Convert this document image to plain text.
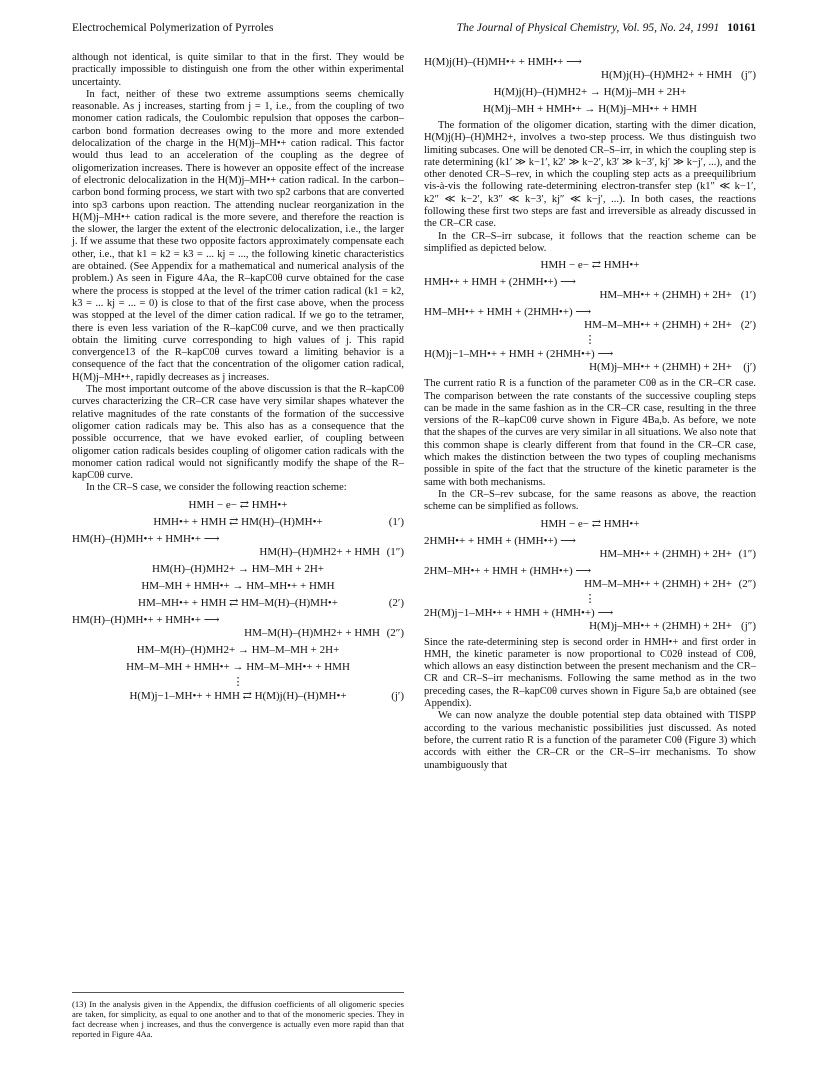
Electrochemical Polymerization of Pyrroles	The Journal of Physical Chemistry, Vol. 95, No. 24, 1991 10161

although not identical, is quite similar to that in the first. They would be practically impossible to distinguish one from the other within experimental uncertainty.

In fact, neither of these two extreme assumptions seems chemically reasonable. As j increases, starting from j = 1, i.e., from the coupling of two monomer cation radicals, the Coulombic repulsion that opposes the carbon–carbon bond formation decreases owing to the more and more extended delocalization of the charge in the H(M)j–MH•+ cation radical. This factor would thus lead to an acceleration of the coupling as the degree of oligomerization increases. There is however an opposite effect of the increase of electronic delocalization in the H(M)j–MH•+ cation radical. In the carbon–carbon bond forming process, we start with two sp2 carbons that are converted into sp3 carbons upon reaction. The attending nuclear reorganization in the H(M)j–MH•+ cation radical is the more severe, and therefore the reaction is the slower, the larger the extent of the electronic delocalization, i.e., the larger j. If we assume that these two opposite factors approximately compensate each other, i.e., that k1 = k2 = k3 = ... kj = ..., the following kinetic characteristics are obtained. (See Appendix for a mathematical and numerical analysis of the problem.) As seen in Figure 4Aa, the R–kapC0θ curve obtained for the case where the process is stopped at the level of the trimer cation radical (k1 = k2, k3 = ... kj = ... = 0) is close to that of the first case above, when the process was stopped at the level of the dimer cation radical. If we go to the tetramer, there is even less variation of the R–kapC0θ curve, and we then practically obtain the limiting curve corresponding to high values of j. This rapid convergence13 of the R–kapC0θ curves toward a limiting behavior is a consequence of the fact that the concentration of the oligomer cation radical, H(M)j–MH•+, rapidly decreases as j increases.

The most important outcome of the above discussion is that the R–kapC0θ curves characterizing the CR–CR case have very similar shapes whatever the relative magnitudes of the rate constants of the formation of the successive oligomer cation radicals may be. This also has as a consequence that the possible occurrence, that we have evoked earlier, of coupling between oligomer cation radicals besides coupling of oligomer cation radicals with the monomer cation radical would not significantly modify the shape of the R–kapC0θ curve.

In the CR–S case, we consider the following reaction scheme:

HMH − e− ⇄ HMH•+
HMH•+ + HMH ⇄ HM(H)–(H)MH•+	(1′)
HM(H)–(H)MH•+ + HMH•+ ⟶
HM(H)–(H)MH2+ + HMH (1″)
HM(H)–(H)MH2+ → HM–MH + 2H+
HM–MH + HMH•+ → HM–MH•+ + HMH
HM–MH•+ + HMH ⇄ HM–M(H)–(H)MH•+	(2′)
HM(H)–(H)MH•+ + HMH•+ ⟶
HM–M(H)–(H)MH2+ + HMH (2″)
HM–M(H)–(H)MH2+ → HM–M–MH + 2H+
HM–M–MH + HMH•+ → HM–M–MH•+ + HMH
⋮
H(M)j−1–MH•+ + HMH ⇄ H(M)j(H)–(H)MH•+	(j′)
H(M)j(H)–(H)MH•+ + HMH•+ ⟶
H(M)j(H)–(H)MH2+ + HMH (j″)
H(M)j(H)–(H)MH2+ → H(M)j–MH + 2H+
H(M)j–MH + HMH•+ → H(M)j–MH•+ + HMH

The formation of the oligomer dication, starting with the dimer dication, H(M)j(H)–(H)MH2+, involves a two-step process. We thus distinguish two limiting subcases. One will be denoted CR–S–irr, in which the coupling step is rate determining (k1′ ≫ k−1′, k2′ ≫ k−2′, k3′ ≫ k−3′, kj′ ≫ k−j′, ...), and the other denoted CR–S–rev, in which the coupling step acts as a preequilibrium vis-à-vis the following rate-determining electron-transfer step (k1″ ≪ k−1′, k2″ ≪ k−2′, k3″ ≪ k−3′, kj″ ≪ k−j′, ...). In both cases, the reactions following these first two steps are fast and irreversible as already discussed in the CR–CR case.

In the CR–S–irr subcase, it follows that the reaction scheme can be simplified as depicted below.

HMH − e− ⇄ HMH•+
HMH•+ + HMH + (2HMH•+) ⟶
HM–MH•+ + (2HMH) + 2H+ (1′)
HM–MH•+ + HMH + (2HMH•+) ⟶
HM–M–MH•+ + (2HMH) + 2H+ (2′)
⋮
H(M)j−1–MH•+ + HMH + (2HMH•+) ⟶
H(M)j–MH•+ + (2HMH) + 2H+	(j′)

The current ratio R is a function of the parameter C0θ as in the CR–CR case. The comparison between the rate constants of the successive coupling steps can be made in the same fashion as in the CR–CR case, resulting in the three versions of the R–kapC0θ curve shown in Figure 4Ba,b. As before, we note that the shapes of the curves are very similar in all situations. We also note that this common shape is clearly different from that found in the CR–CR case, which makes the distinction between the two types of coupling mechanisms possible in spite of the fact that the structure of the kinetic parameter is the same with both mechanisms.

In the CR–S–rev subcase, for the same reasons as above, the reaction scheme can be simplified as follows.

HMH − e− ⇄ HMH•+
2HMH•+ + HMH + (HMH•+) ⟶
HM–MH•+ + (2HMH) + 2H+ (1″)
2HM–MH•+ + HMH + (HMH•+) ⟶
HM–M–MH•+ + (2HMH) + 2H+ (2″)
⋮
2H(M)j−1–MH•+ + HMH + (HMH•+) ⟶
H(M)j–MH•+ + (2HMH) + 2H+ (j″)

Since the rate-determining step is second order in HMH•+ and first order in HMH, the kinetic parameter is now proportional to C02θ instead of C0θ, which allows an easy distinction between the present mechanism and the CR–CR and CR–S–irr mechanisms. Following the same method as in the two preceding cases, the R–kapC0θ curves shown in Figure 5a,b are obtained (see Appendix).

We can now analyze the double potential step data obtained with TISPP according to the various mechanistic possibilities just discussed. As noted before, the current ratio R is a function of the parameter C0θ (Figure 3) which accords with either the CR–CR or the CR–S–irr mechanisms. To show unambiguously that

(13) In the analysis given in the Appendix, the diffusion coefficients of all oligomeric species are taken, for simplicity, as equal to one another and to that of the monomeric species. They in fact decrease when j increases, and thus the convergence is actually even more rapid than that reported in Figure 4Aa.
